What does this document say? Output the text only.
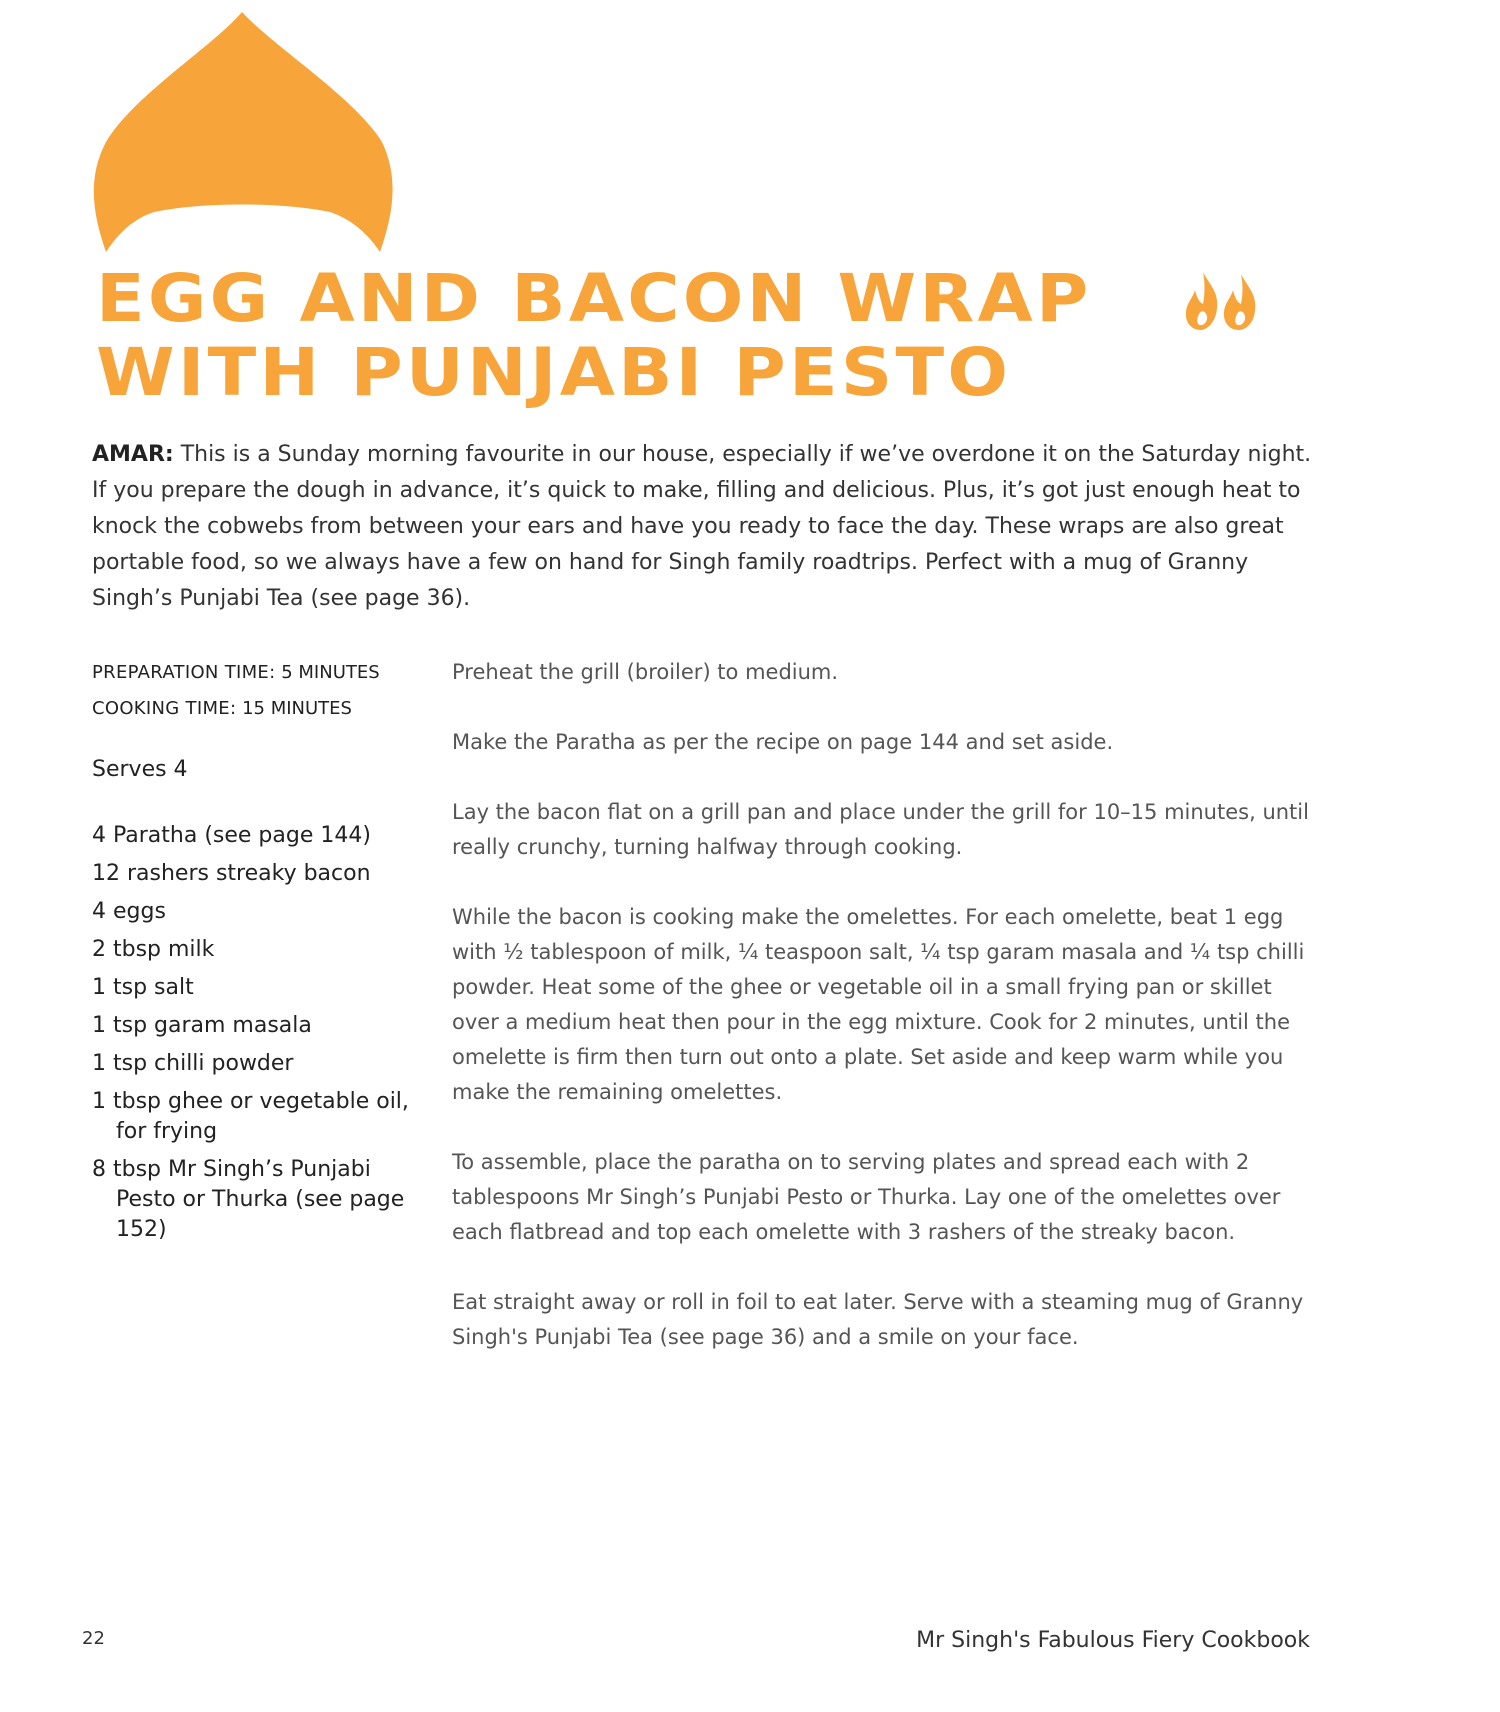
EGG AND BACON WRAP
WITH PUNJABI PESTO

AMAR: This is a Sunday morning favourite in our house, especially if we’ve overdone it on the Saturday night. If you prepare the dough in advance, it’s quick to make, filling and delicious. Plus, it’s got just enough heat to knock the cobwebs from between your ears and have you ready to face the day. These wraps are also great portable food, so we always have a few on hand for Singh family roadtrips. Perfect with a mug of Granny Singh’s Punjabi Tea (see page 36).

PREPARATION TIME: 5 MINUTES
COOKING TIME: 15 MINUTES
Serves 4
4 Paratha (see page 144)
12 rashers streaky bacon
4 eggs
2 tbsp milk
1 tsp salt
1 tsp garam masala
1 tsp chilli powder
1 tbsp ghee or vegetable oil, for frying
8 tbsp Mr Singh’s Punjabi Pesto or Thurka (see page 152)

Preheat the grill (broiler) to medium.

Make the Paratha as per the recipe on page 144 and set aside.

Lay the bacon flat on a grill pan and place under the grill for 10–15 minutes, until really crunchy, turning halfway through cooking.

While the bacon is cooking make the omelettes. For each omelette, beat 1 egg with ½ tablespoon of milk, ¼ teaspoon salt, ¼ tsp garam masala and ¼ tsp chilli powder. Heat some of the ghee or vegetable oil in a small frying pan or skillet over a medium heat then pour in the egg mixture. Cook for 2 minutes, until the omelette is firm then turn out onto a plate. Set aside and keep warm while you make the remaining omelettes.

To assemble, place the paratha on to serving plates and spread each with 2 tablespoons Mr Singh’s Punjabi Pesto or Thurka. Lay one of the omelettes over each flatbread and top each omelette with 3 rashers of the streaky bacon.

Eat straight away or roll in foil to eat later. Serve with a steaming mug of Granny Singh's Punjabi Tea (see page 36) and a smile on your face.

22	Mr Singh's Fabulous Fiery Cookbook
